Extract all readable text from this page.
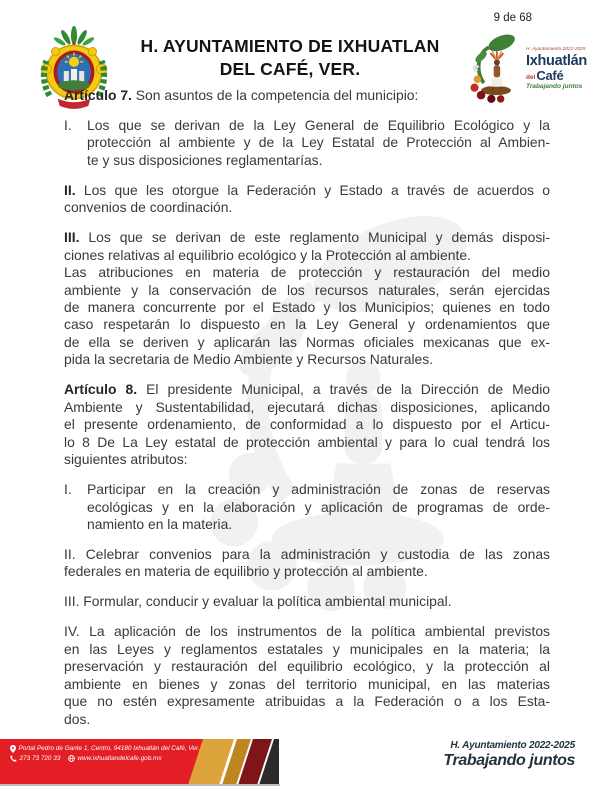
9 de 68
H. AYUNTAMIENTO DE IXHUATLAN
DEL CAFÉ, VER.
H. Ayuntamiento 2022-2025
Ixhuatlán
del Café
Trabajando juntos
Artículo 7. Son asuntos de la competencia del municipio:
I. Los que se derivan de la Ley General de Equilibrio Ecológico y la
protección al ambiente y de la Ley Estatal de Protección al Ambien-
te y sus disposiciones reglamentarías.
II. Los que les otorgue la Federación y Estado a través de acuerdos o
convenios de coordinación.
III. Los que se derivan de este reglamento Municipal y demás disposi-
ciones relativas al equilibrio ecológico y la Protección al ambiente.
Las atribuciones en materia de protección y restauración del medio
ambiente y la conservación de los recursos naturales, serán ejercidas
de manera concurrente por el Estado y los Municipios; quienes en todo
caso respetarán lo dispuesto en la Ley General y ordenamientos que
de ella se deriven y aplicarán las Normas oficiales mexicanas que ex-
pida la secretaria de Medio Ambiente y Recursos Naturales.
Artículo 8. El presidente Municipal, a través de la Dirección de Medio
Ambiente y Sustentabilidad, ejecutará dichas disposiciones, aplicando
el presente ordenamiento, de conformidad a lo dispuesto por el Articu-
lo 8 De La Ley estatal de protección ambiental y para lo cual tendrá los
siguientes atributos:
I. Participar en la creación y administración de zonas de reservas
ecológicas y en la elaboración y aplicación de programas de orde-
namiento en la materia.
II. Celebrar convenios para la administración y custodia de las zonas
federales en materia de equilibrio y protección al ambiente.
III. Formular, conducir y evaluar la política ambiental municipal.
IV. La aplicación de los instrumentos de la política ambiental previstos
en las Leyes y reglamentos estatales y municipales en la materia; la
preservación y restauración del equilibrio ecológico, y la protección al
ambiente en bienes y zonas del territorio municipal, en las materias
que no estén expresamente atribuidas a la Federación o a los Esta-
dos.
Portal Pedro de Gante 1, Centro, 94180 Ixhuatlán del Café, Ver.
273 73 720 33	www.ixhuatlandelcafe.gob.mx
H. Ayuntamiento 2022-2025
Trabajando juntos
